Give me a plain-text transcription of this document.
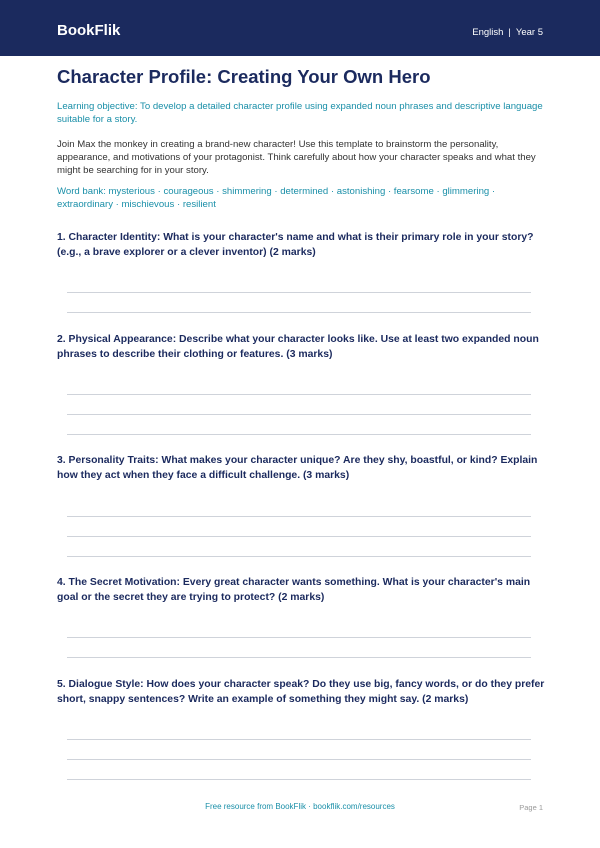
BookFlik	English | Year 5
Character Profile: Creating Your Own Hero

Learning objective: To develop a detailed character profile using expanded noun phrases and descriptive language suitable for a story.

Join Max the monkey in creating a brand-new character! Use this template to brainstorm the personality, appearance, and motivations of your protagonist. Think carefully about how your character speaks and what they might be searching for in your story.

Word bank: mysterious · courageous · shimmering · determined · astonishing · fearsome · glimmering · extraordinary · mischievous · resilient

1. Character Identity: What is your character's name and what is their primary role in your story? (e.g., a brave explorer or a clever inventor) (2 marks)

2. Physical Appearance: Describe what your character looks like. Use at least two expanded noun phrases to describe their clothing or features. (3 marks)

3. Personality Traits: What makes your character unique? Are they shy, boastful, or kind? Explain how they act when they face a difficult challenge. (3 marks)

4. The Secret Motivation: Every great character wants something. What is your character's main goal or the secret they are trying to protect? (2 marks)

5. Dialogue Style: How does your character speak? Do they use big, fancy words, or do they prefer short, snappy sentences? Write an example of something they might say. (2 marks)

Free resource from BookFlik · bookflik.com/resources	Page 1
